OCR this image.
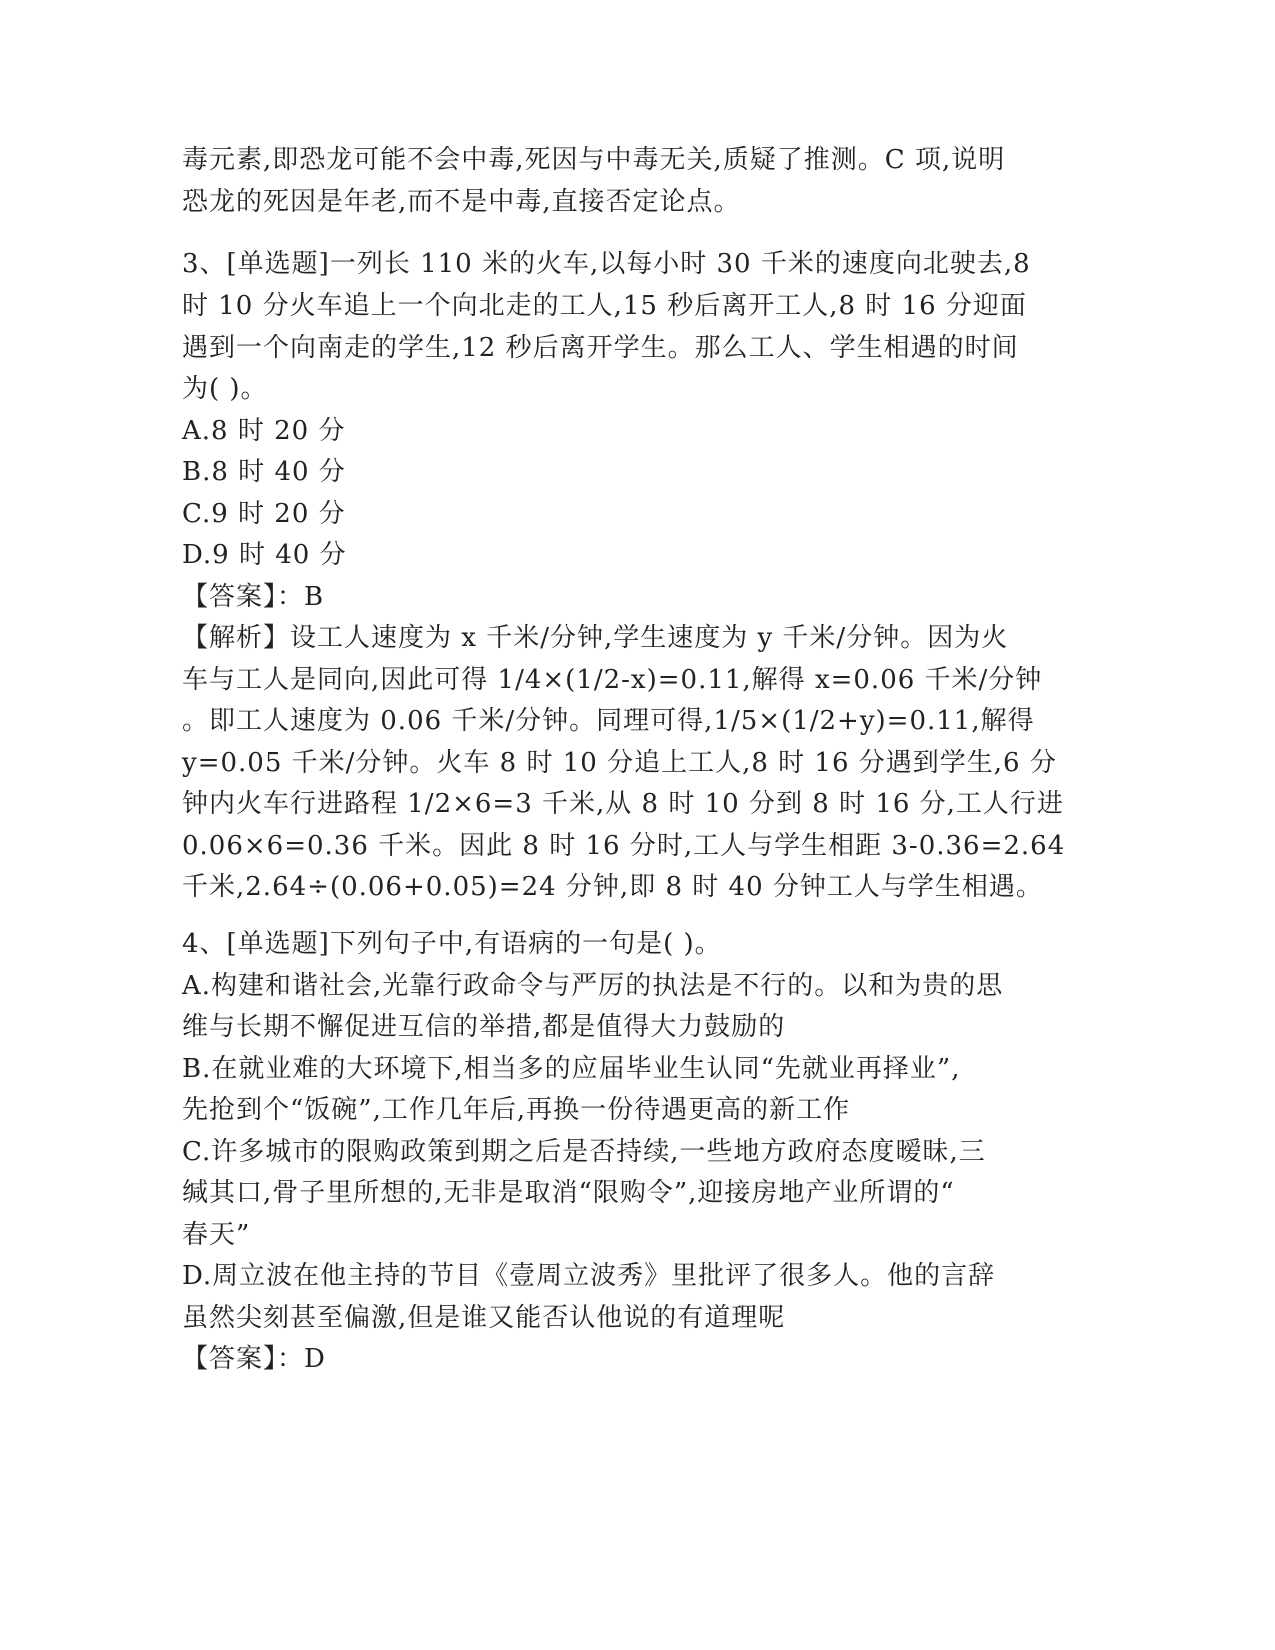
毒元素,即恐龙可能不会中毒,死因与中毒无关,质疑了推测。C 项,说明
恐龙的死因是年老,而不是中毒,直接否定论点。
3、[单选题]一列长 110 米的火车,以每小时 30 千米的速度向北驶去,8
时 10 分火车追上一个向北走的工人,15 秒后离开工人,8 时 16 分迎面
遇到一个向南走的学生,12 秒后离开学生。那么工人、学生相遇的时间
为( )。
A.8 时 20 分
B.8 时 40 分
C.9 时 20 分
D.9 时 40 分
【答案】：B
【解析】设工人速度为 x 千米/分钟,学生速度为 y 千米/分钟。因为火
车与工人是同向,因此可得 1/4×(1/2-x)=0.11,解得 x=0.06 千米/分钟
。即工人速度为 0.06 千米/分钟。同理可得,1/5×(1/2+y)=0.11,解得
y=0.05 千米/分钟。火车 8 时 10 分追上工人,8 时 16 分遇到学生,6 分
钟内火车行进路程 1/2×6=3 千米,从 8 时 10 分到 8 时 16 分,工人行进
0.06×6=0.36 千米。因此 8 时 16 分时,工人与学生相距 3-0.36=2.64
千米,2.64÷(0.06+0.05)=24 分钟,即 8 时 40 分钟工人与学生相遇。
4、[单选题]下列句子中,有语病的一句是( )。
A.构建和谐社会,光靠行政命令与严厉的执法是不行的。以和为贵的思
维与长期不懈促进互信的举措,都是值得大力鼓励的
B.在就业难的大环境下,相当多的应届毕业生认同“先就业再择业”,
先抢到个“饭碗”,工作几年后,再换一份待遇更高的新工作
C.许多城市的限购政策到期之后是否持续,一些地方政府态度暧昧,三
缄其口,骨子里所想的,无非是取消“限购令”,迎接房地产业所谓的“
春天”
D.周立波在他主持的节目《壹周立波秀》里批评了很多人。他的言辞
虽然尖刻甚至偏激,但是谁又能否认他说的有道理呢
【答案】：D
